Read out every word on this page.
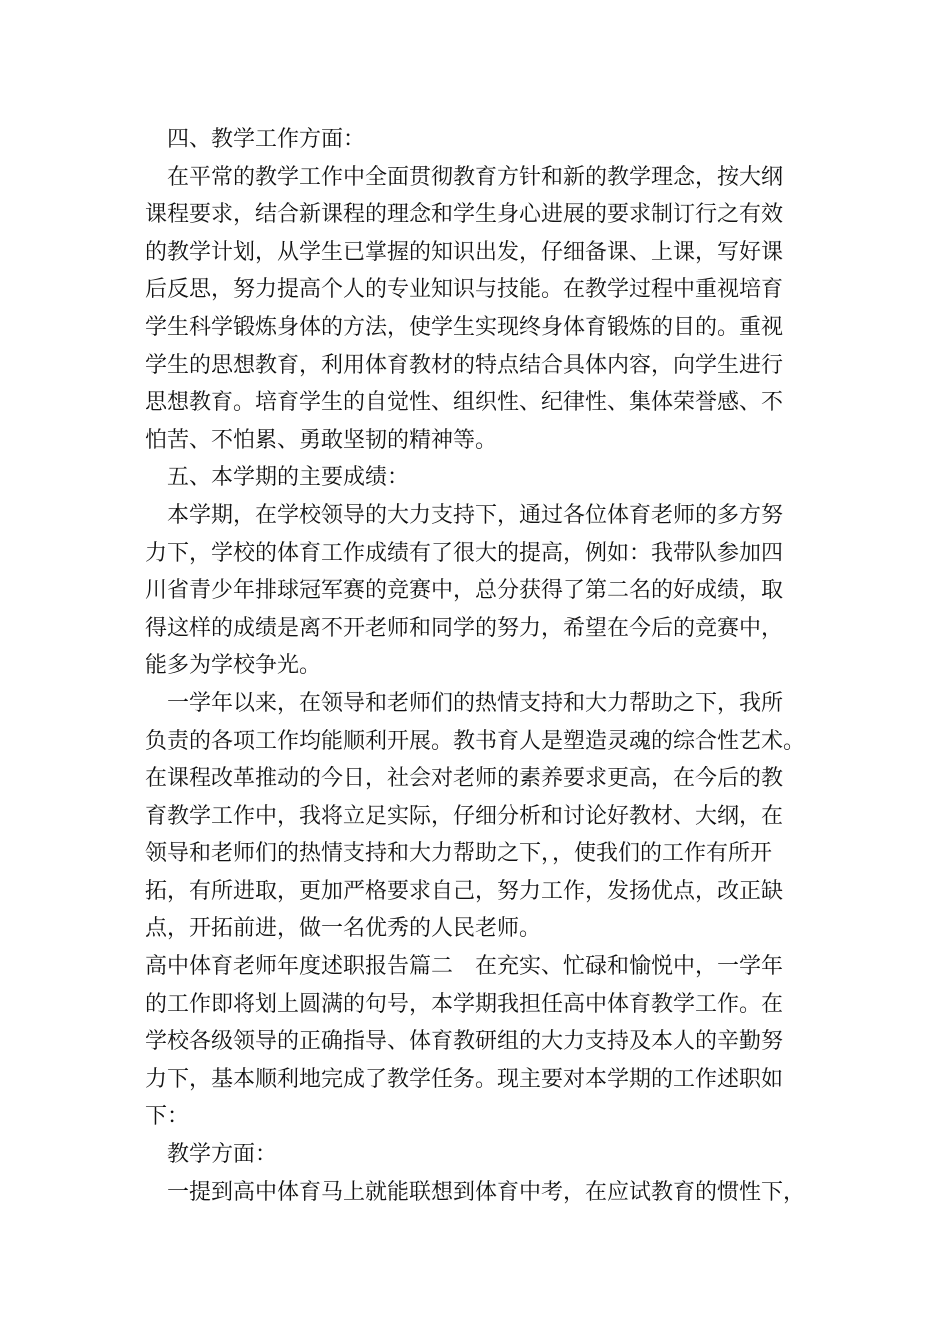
四、教学工作方面：
在平常的教学工作中全面贯彻教育方针和新的教学理念，按大纲
课程要求，结合新课程的理念和学生身心进展的要求制订行之有效
的教学计划，从学生已掌握的知识出发，仔细备课、上课，写好课
后反思，努力提高个人的专业知识与技能。在教学过程中重视培育
学生科学锻炼身体的方法，使学生实现终身体育锻炼的目的。重视
学生的思想教育，利用体育教材的特点结合具体内容，向学生进行
思想教育。培育学生的自觉性、组织性、纪律性、集体荣誉感、不
怕苦、不怕累、勇敢坚韧的精神等。
五、本学期的主要成绩：
本学期，在学校领导的大力支持下，通过各位体育老师的多方努
力下，学校的体育工作成绩有了很大的提高，例如：我带队参加四
川省青少年排球冠军赛的竞赛中，总分获得了第二名的好成绩，取
得这样的成绩是离不开老师和同学的努力，希望在今后的竞赛中，
能多为学校争光。
一学年以来，在领导和老师们的热情支持和大力帮助之下，我所
负责的各项工作均能顺利开展。教书育人是塑造灵魂的综合性艺术。
在课程改革推动的今日，社会对老师的素养要求更高，在今后的教
育教学工作中，我将立足实际，仔细分析和讨论好教材、大纲，在
领导和老师们的热情支持和大力帮助之下，，使我们的工作有所开
拓，有所进取，更加严格要求自己，努力工作，发扬优点，改正缺
点，开拓前进，做一名优秀的人民老师。
高中体育老师年度述职报告篇二　在充实、忙碌和愉悦中，一学年
的工作即将划上圆满的句号，本学期我担任高中体育教学工作。在
学校各级领导的正确指导、体育教研组的大力支持及本人的辛勤努
力下，基本顺利地完成了教学任务。现主要对本学期的工作述职如
下：
教学方面：
一提到高中体育马上就能联想到体育中考，在应试教育的惯性下，
